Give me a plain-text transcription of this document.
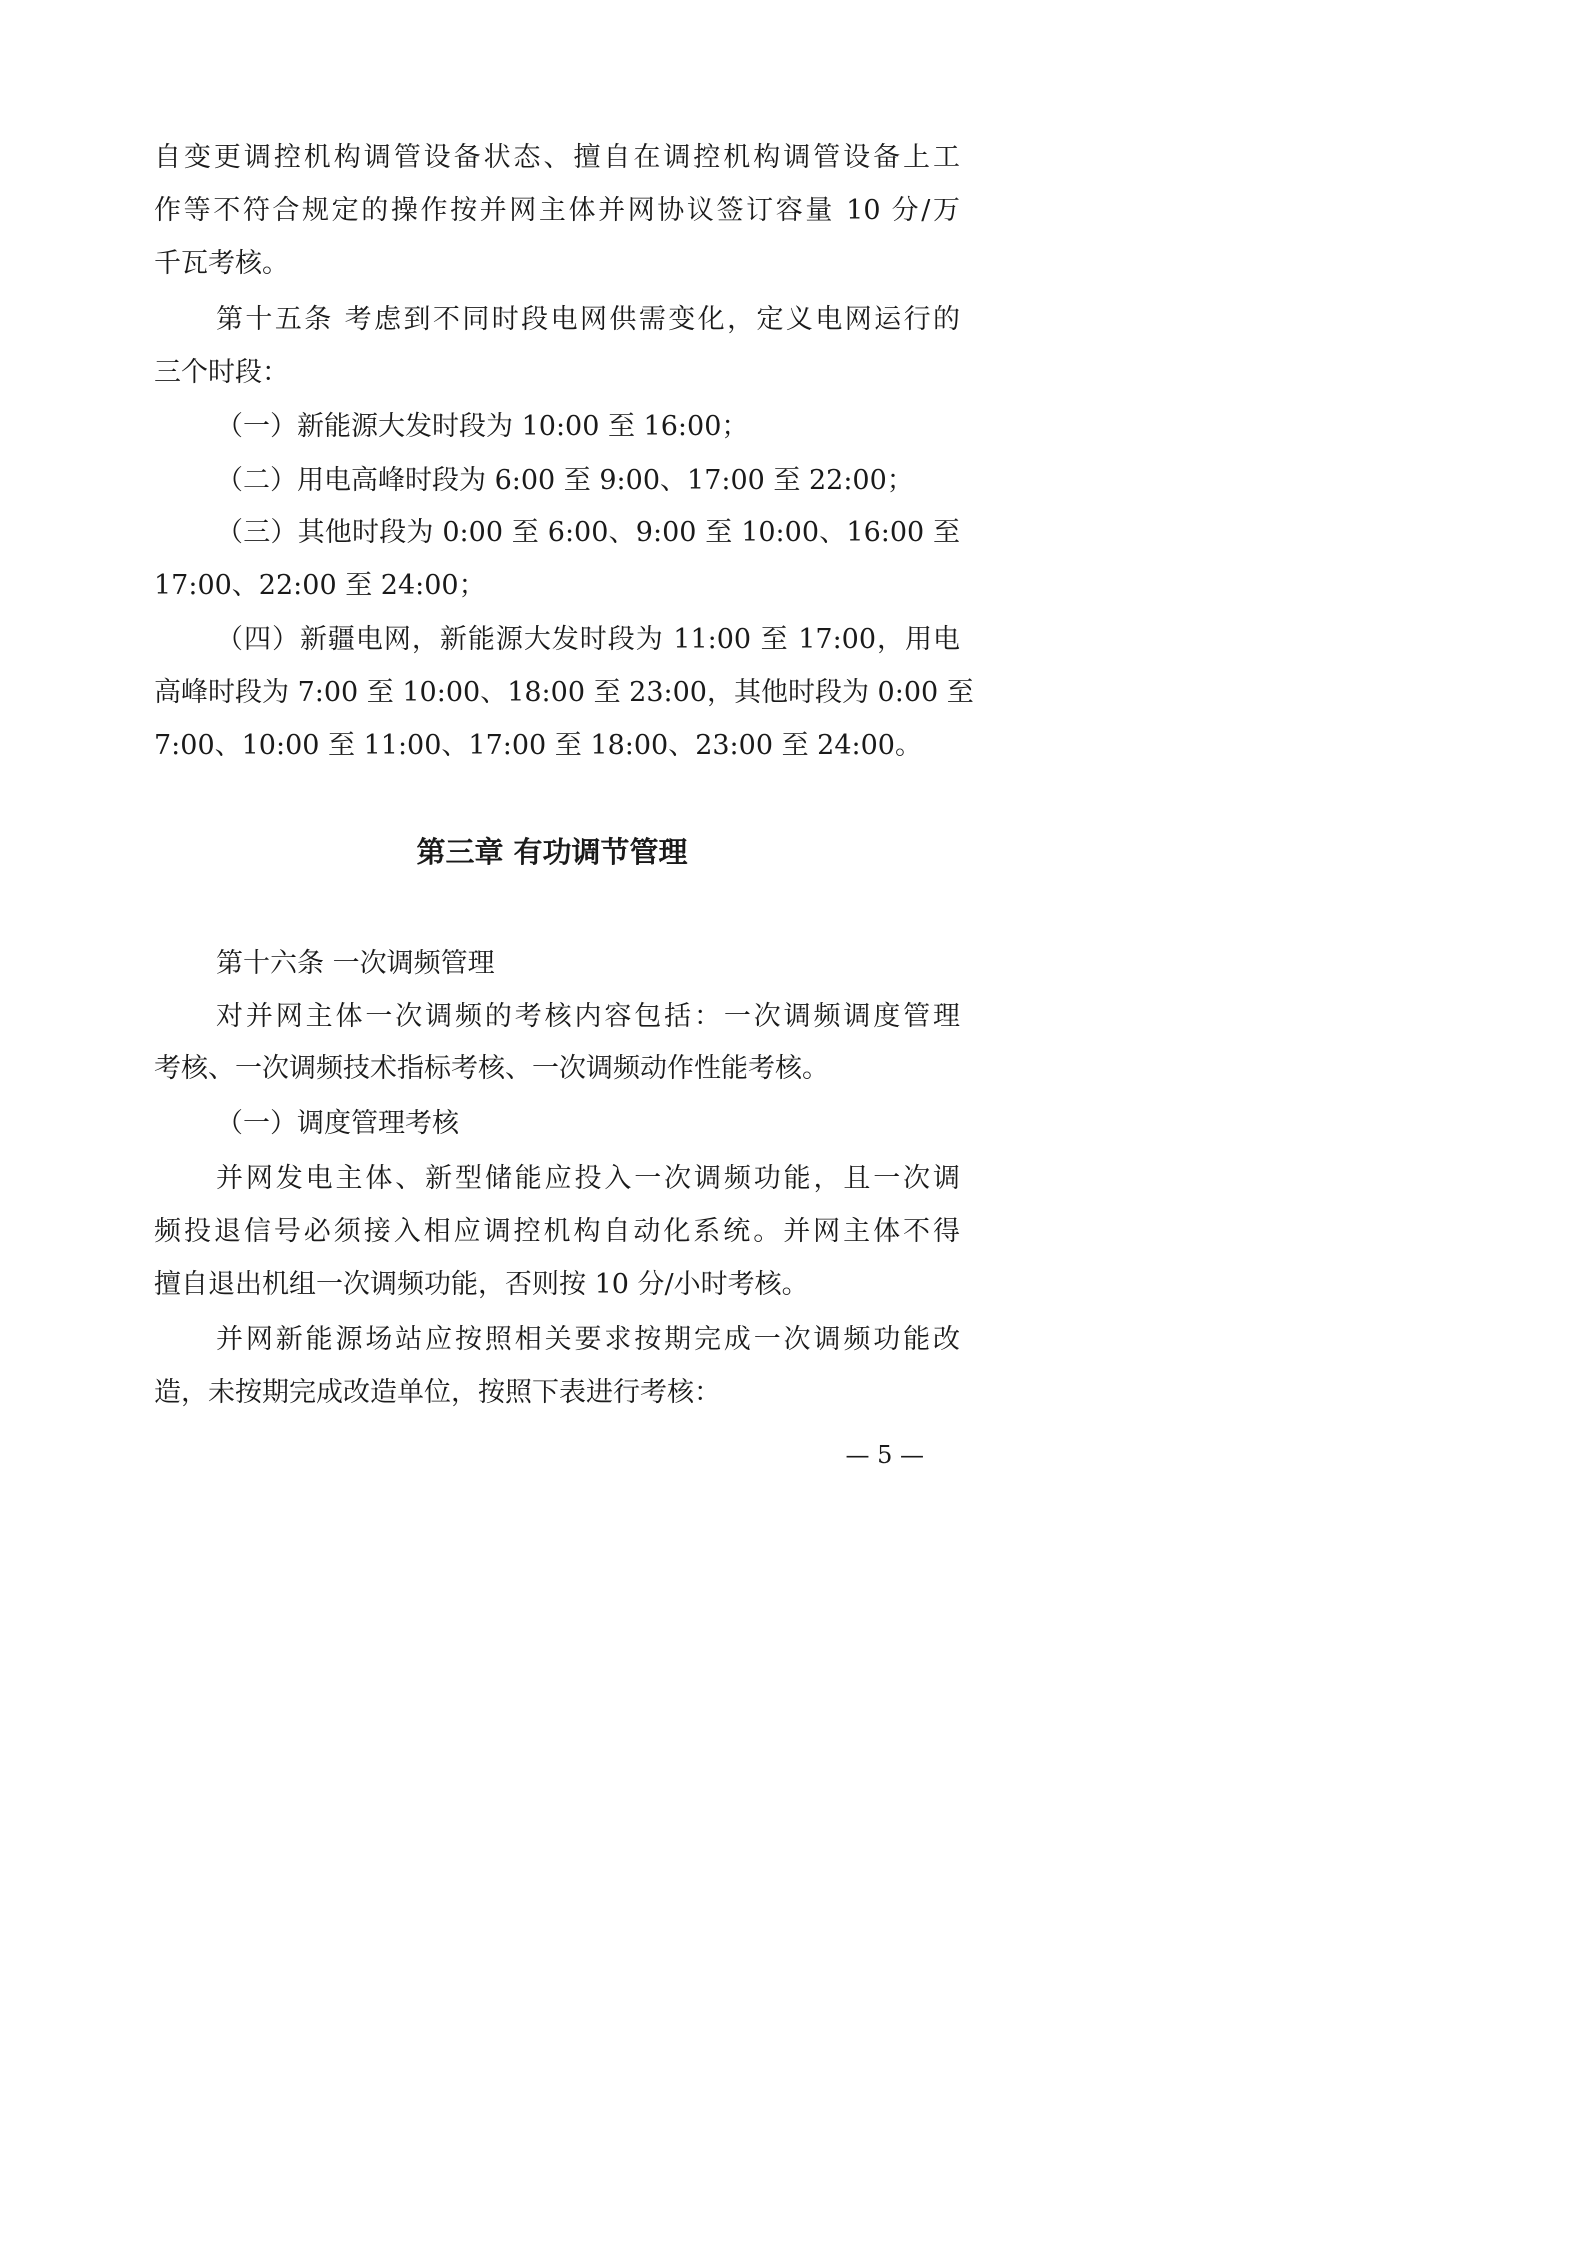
自变更调控机构调管设备状态、擅自在调控机构调管设备上工
作等不符合规定的操作按并网主体并网协议签订容量 10 分/万
千瓦考核。
第十五条 考虑到不同时段电网供需变化，定义电网运行的
三个时段：
（一）新能源大发时段为 10:00 至 16:00；
（二）用电高峰时段为 6:00 至 9:00、17:00 至 22:00；
（三）其他时段为 0:00 至 6:00、9:00 至 10:00、16:00 至
17:00、22:00 至 24:00；
（四）新疆电网，新能源大发时段为 11:00 至 17:00，用电
高峰时段为 7:00 至 10:00、18:00 至 23:00，其他时段为 0:00 至
7:00、10:00 至 11:00、17:00 至 18:00、23:00 至 24:00。
第三章 有功调节管理
第十六条 一次调频管理
对并网主体一次调频的考核内容包括：一次调频调度管理
考核、一次调频技术指标考核、一次调频动作性能考核。
（一）调度管理考核
并网发电主体、新型储能应投入一次调频功能，且一次调
频投退信号必须接入相应调控机构自动化系统。并网主体不得
擅自退出机组一次调频功能，否则按 10 分/小时考核。
并网新能源场站应按照相关要求按期完成一次调频功能改
造，未按期完成改造单位，按照下表进行考核：
— 5 —
